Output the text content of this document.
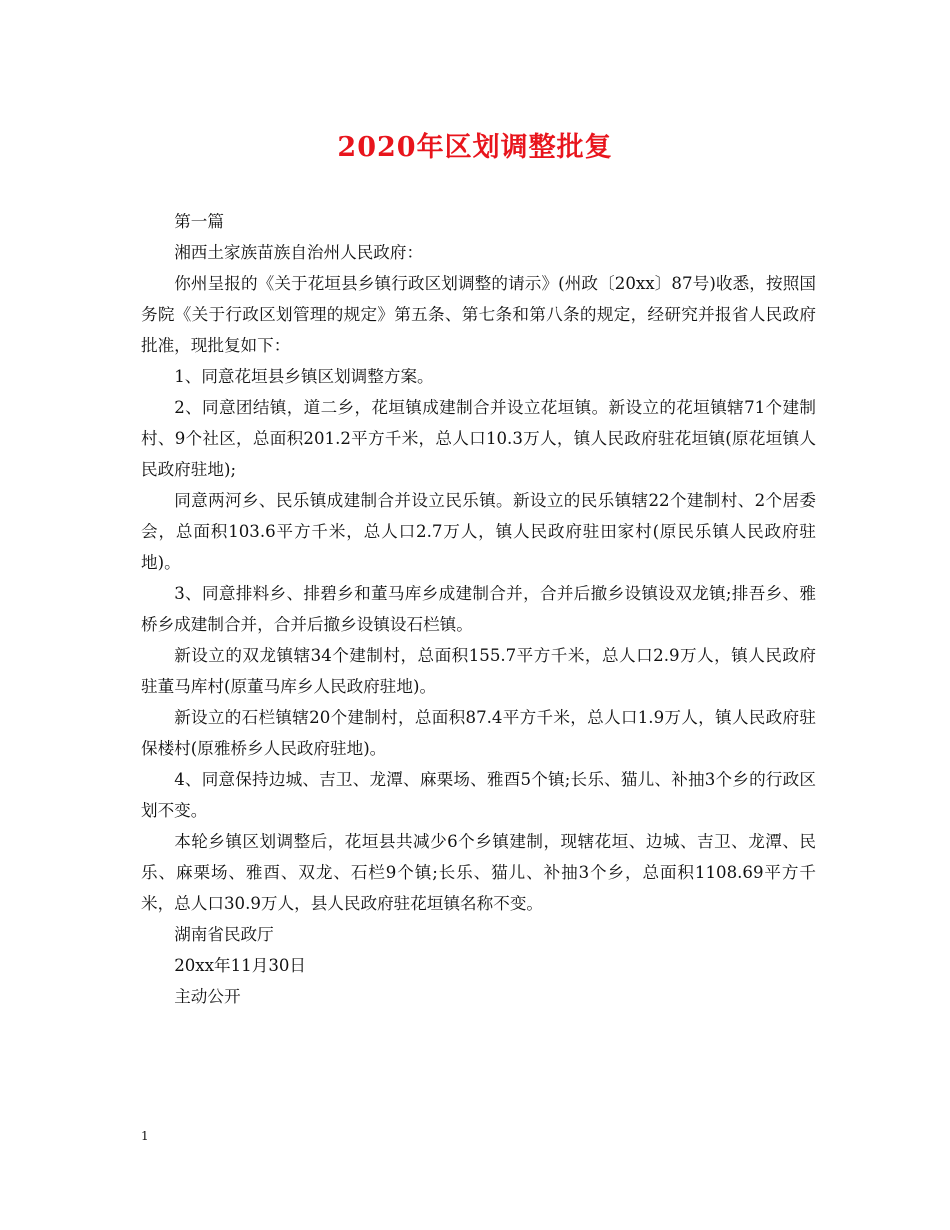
2020年区划调整批复

第一篇

湘西土家族苗族自治州人民政府：

你州呈报的《关于花垣县乡镇行政区划调整的请示》(州政〔20xx〕87号)收悉，按照国务院《关于行政区划管理的规定》第五条、第七条和第八条的规定，经研究并报省人民政府批准，现批复如下：

1、同意花垣县乡镇区划调整方案。

2、同意团结镇，道二乡，花垣镇成建制合并设立花垣镇。新设立的花垣镇辖71个建制村、9个社区，总面积201.2平方千米，总人口10.3万人，镇人民政府驻花垣镇(原花垣镇人民政府驻地);

同意两河乡、民乐镇成建制合并设立民乐镇。新设立的民乐镇辖22个建制村、2个居委会，总面积103.6平方千米，总人口2.7万人，镇人民政府驻田家村(原民乐镇人民政府驻地)。

3、同意排料乡、排碧乡和董马库乡成建制合并，合并后撤乡设镇设双龙镇;排吾乡、雅桥乡成建制合并，合并后撤乡设镇设石栏镇。

新设立的双龙镇辖34个建制村，总面积155.7平方千米，总人口2.9万人，镇人民政府驻董马库村(原董马库乡人民政府驻地)。

新设立的石栏镇辖20个建制村，总面积87.4平方千米，总人口1.9万人，镇人民政府驻保楼村(原雅桥乡人民政府驻地)。

4、同意保持边城、吉卫、龙潭、麻栗场、雅酉5个镇;长乐、猫儿、补抽3个乡的行政区划不变。

本轮乡镇区划调整后，花垣县共减少6个乡镇建制，现辖花垣、边城、吉卫、龙潭、民乐、麻栗场、雅酉、双龙、石栏9个镇;长乐、猫儿、补抽3个乡，总面积1108.69平方千米，总人口30.9万人，县人民政府驻花垣镇名称不变。

湖南省民政厅

20xx年11月30日

主动公开

1
